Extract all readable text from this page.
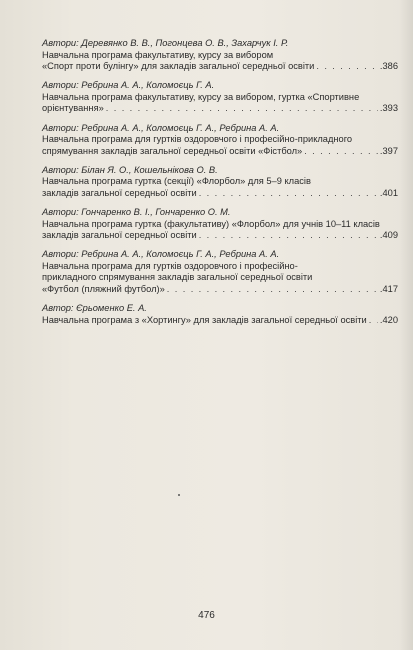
Автори: Деревянко В. В., Погонцева О. В., Захарчук І. Р.
Навчальна програма факультативу, курсу за вибором
«Спорт проти булінгу» для закладів загальної середньої освіти . . .	.386
Автори: Ребрина А. А., Коломоєць Г. А.
Навчальна програма факультативу, курсу за вибором, гуртка «Спортивне
орієнтування» . . .	.393
Автори: Ребрина А. А., Коломоєць Г. А., Ребрина А. А.
Навчальна програма для гуртків оздоровчого і професійно-прикладного
спрямування закладів загальної середньої освіти «Фістбол» . . .	.397
Автори: Білан Я. О., Кошельнікова О. В.
Навчальна програма гуртка (секції) «Флорбол» для 5–9 класів
закладів загальної середньої освіти . . .	.401
Автори: Гончаренко В. І., Гончаренко О. М.
Навчальна програма гуртка (факультативу) «Флорбол» для учнів 10–11 класів
закладів загальної середньої освіти . . .	.409
Автори: Ребрина А. А., Коломоєць Г. А., Ребрина А. А.
Навчальна програма для гуртків оздоровчого і професійно-
прикладного спрямування закладів загальної середньої освіти
«Футбол (пляжний футбол)» . . .	.417
Автор: Єрьоменко Е. А.
Навчальна програма з «Хортингу» для закладів загальної середньої освіти . . . .420
476
